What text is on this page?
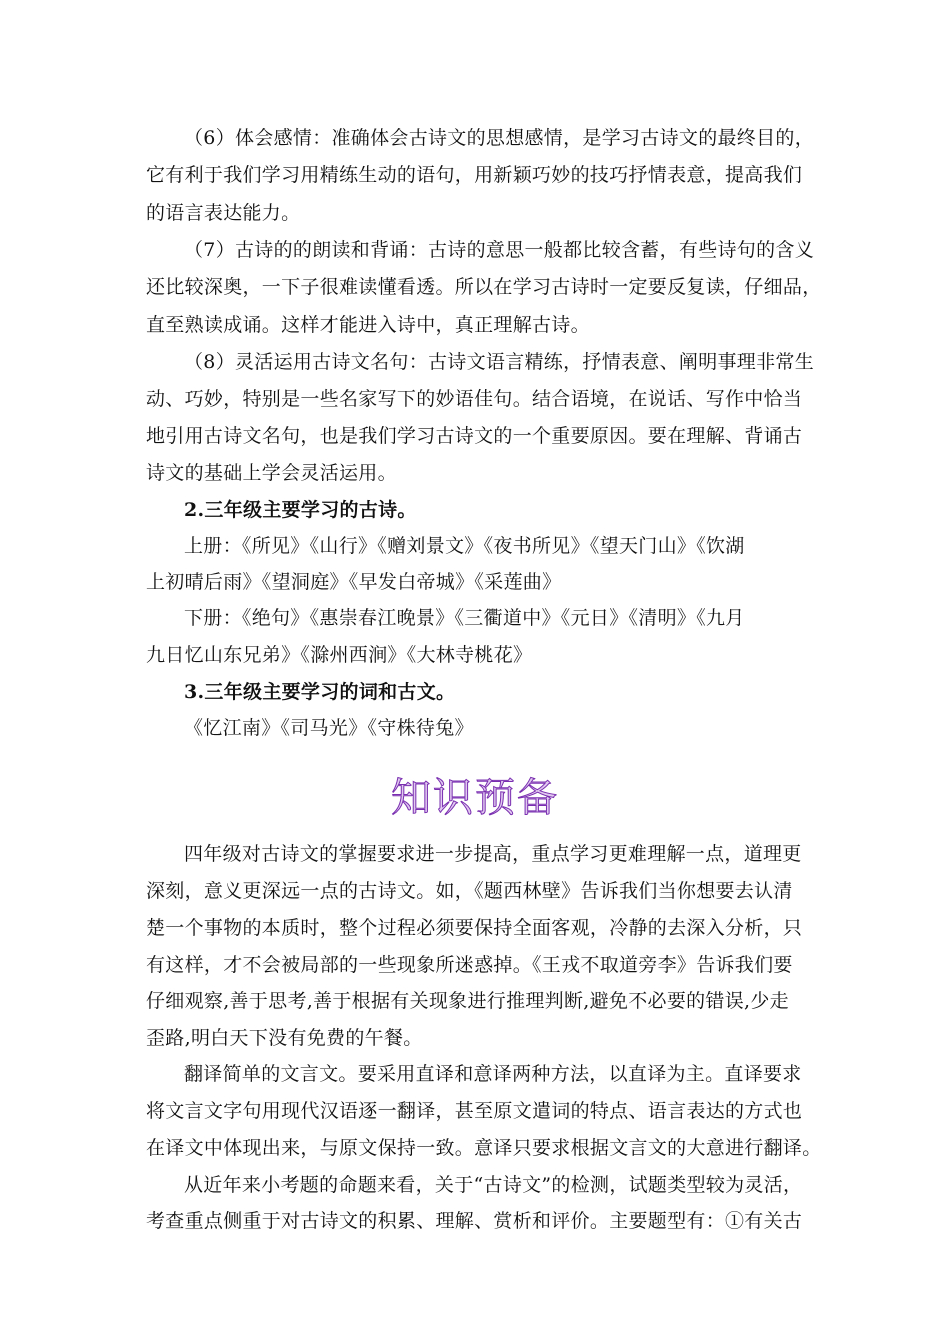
（6）体会感情：准确体会古诗文的思想感情，是学习古诗文的最终目的，
它有利于我们学习用精练生动的语句，用新颖巧妙的技巧抒情表意，提高我们
的语言表达能力。
（7）古诗的的朗读和背诵：古诗的意思一般都比较含蓄，有些诗句的含义
还比较深奥，一下子很难读懂看透。所以在学习古诗时一定要反复读，仔细品，
直至熟读成诵。这样才能进入诗中，真正理解古诗。
（8）灵活运用古诗文名句：古诗文语言精练，抒情表意、阐明事理非常生
动、巧妙，特别是一些名家写下的妙语佳句。结合语境，在说话、写作中恰当
地引用古诗文名句，也是我们学习古诗文的一个重要原因。要在理解、背诵古
诗文的基础上学会灵活运用。
2.三年级主要学习的古诗。
上册：《所见》《山行》《赠刘景文》《夜书所见》《望天门山》《饮湖
上初晴后雨》《望洞庭》《早发白帝城》《采莲曲》
下册：《绝句》《惠崇春江晚景》《三衢道中》《元日》《清明》《九月
九日忆山东兄弟》《滁州西涧》《大林寺桃花》
3.三年级主要学习的词和古文。
《忆江南》《司马光》《守株待兔》
知识预备
四年级对古诗文的掌握要求进一步提高，重点学习更难理解一点，道理更
深刻，意义更深远一点的古诗文。如，《题西林壁》告诉我们当你想要去认清
楚一个事物的本质时，整个过程必须要保持全面客观，冷静的去深入分析，只
有这样，才不会被局部的一些现象所迷惑掉。《王戎不取道旁李》告诉我们要
仔细观察,善于思考,善于根据有关现象进行推理判断,避免不必要的错误,少走
歪路,明白天下没有免费的午餐。
翻译简单的文言文。要采用直译和意译两种方法，以直译为主。直译要求
将文言文字句用现代汉语逐一翻译，甚至原文遣词的特点、语言表达的方式也
在译文中体现出来，与原文保持一致。意译只要求根据文言文的大意进行翻译。
从近年来小考题的命题来看，关于“古诗文”的检测，试题类型较为灵活，
考查重点侧重于对古诗文的积累、理解、赏析和评价。主要题型有：①有关古
